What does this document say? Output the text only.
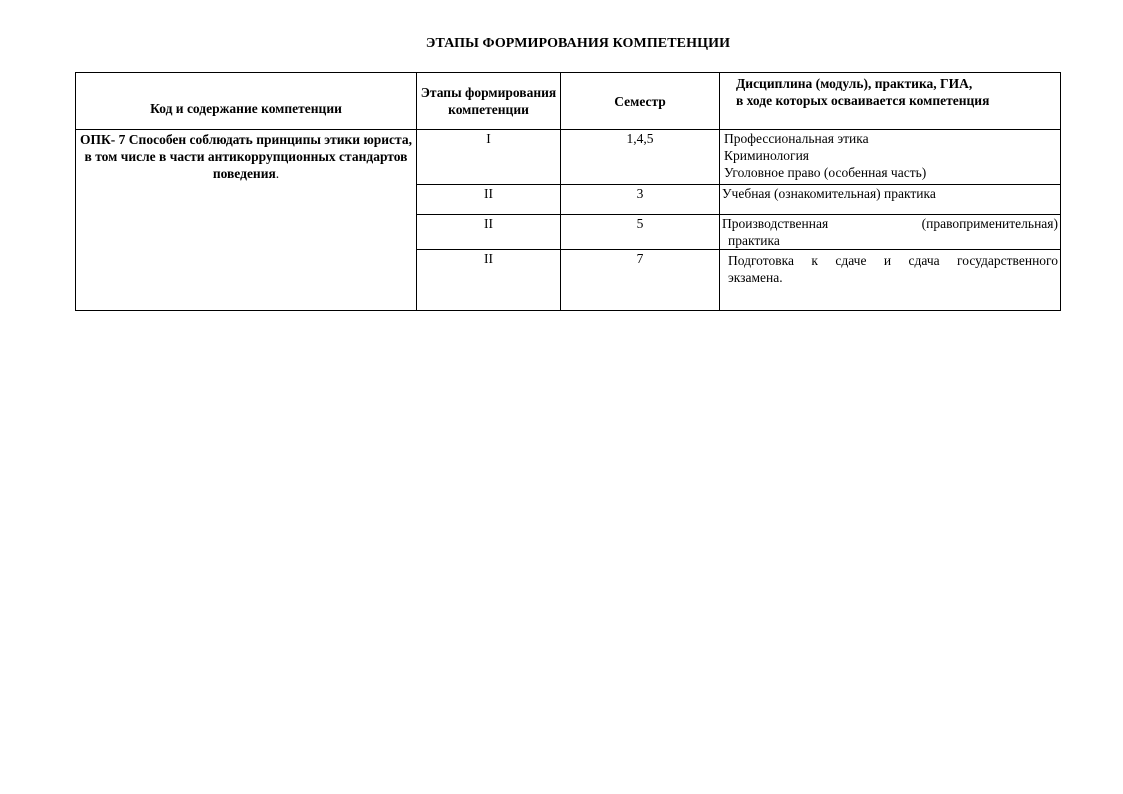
ЭТАПЫ ФОРМИРОВАНИЯ КОМПЕТЕНЦИИ
Код и содержание компетенции	Этапы формирования компетенции	Семестр	Дисциплина (модуль), практика, ГИА,
в ходе которых осваивается компетенция

ОПК- 7 Способен соблюдать принципы этики юриста, в том числе в части антикоррупционных стандартов поведения.	I	1,4,5	Профессиональная этика
Криминология
Уголовное право (особенная часть)

	II	3	Учебная (ознакомительная) практика

	II	5	Производственная (правоприменительная)
практика

	II	7	Подготовка к сдаче и сдача государственного
экзамена.
